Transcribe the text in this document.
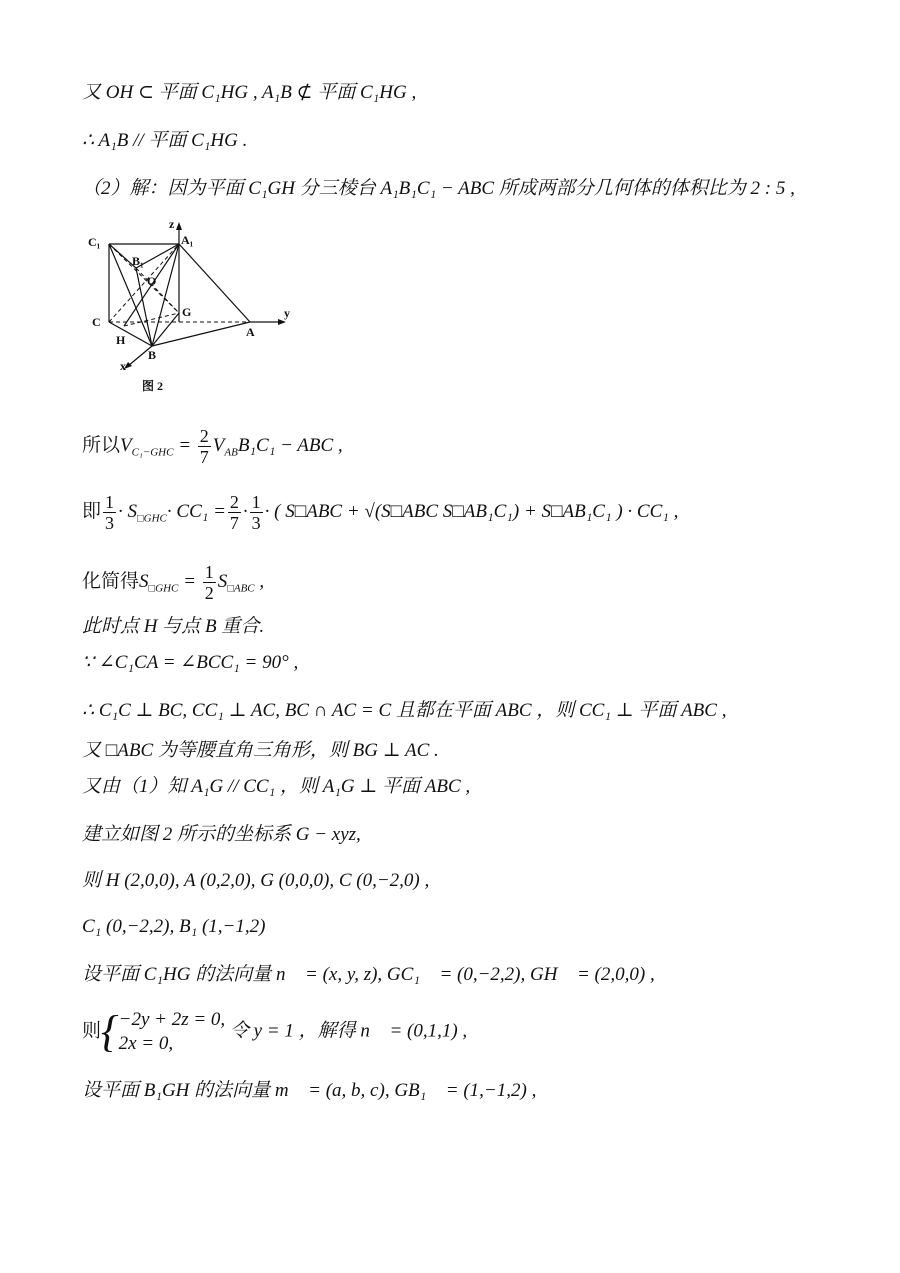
又 OH ⊂ 平面 C₁HG , A₁B ⊄ 平面 C₁HG ,
∴ A₁B // 平面 C₁HG .
（2）解：因为平面 C₁GH 分三棱台 A₁B₁C₁ − ABC 所成两部分几何体的体积比为 2 : 5 ,
C₁	A₁
B₁
O
G
C
H
B
A
z
y
x
图 2
所以$V_{C_1-GHC} = \frac{2}{7} V_{AB}B_1C_1$ − ABC ,
即 $\frac{1}{3} \cdot S_{□GHC}\cdot CC_1 = \frac{2}{7} \cdot \frac{1}{3}$ · ( S□ABC + √(S□ABC S□AB₁C₁) + S□AB₁C₁ ) · CC₁ ,
化简得$S_{□GHC} = \frac{1}{2} S_{□ABC}$ ,
此时点 H 与点 B 重合.
∵ ∠C₁CA = ∠BCC₁ = 90° ,
∴ C₁C ⊥ BC, CC₁ ⊥ AC, BC ∩ AC = C 且都在平面 ABC ，则 CC₁ ⊥ 平面 ABC ,
又 □ABC 为等腰直角三角形，则 BG ⊥ AC .
又由（1）知 A₁G // CC₁ ，则 A₁G ⊥ 平面 ABC ,
建立如图 2 所示的坐标系 G − xyz,
则 H (2,0,0), A (0,2,0), G (0,0,0), C (0,−2,0) ,
C₁ (0,−2,2), B₁ (1,−1,2)
设平面 C₁HG 的法向量 n⃗ = (x, y, z), GC₁⃗ = (0,−2,2), GH⃗ = (2,0,0) ,
则{ −2y + 2z = 0,
2x = 0,
令 y = 1 ，解得 n⃗ = (0,1,1) ,
设平面 B₁GH 的法向量 m⃗ = (a, b, c), GB₁⃗ = (1,−1,2) ,
